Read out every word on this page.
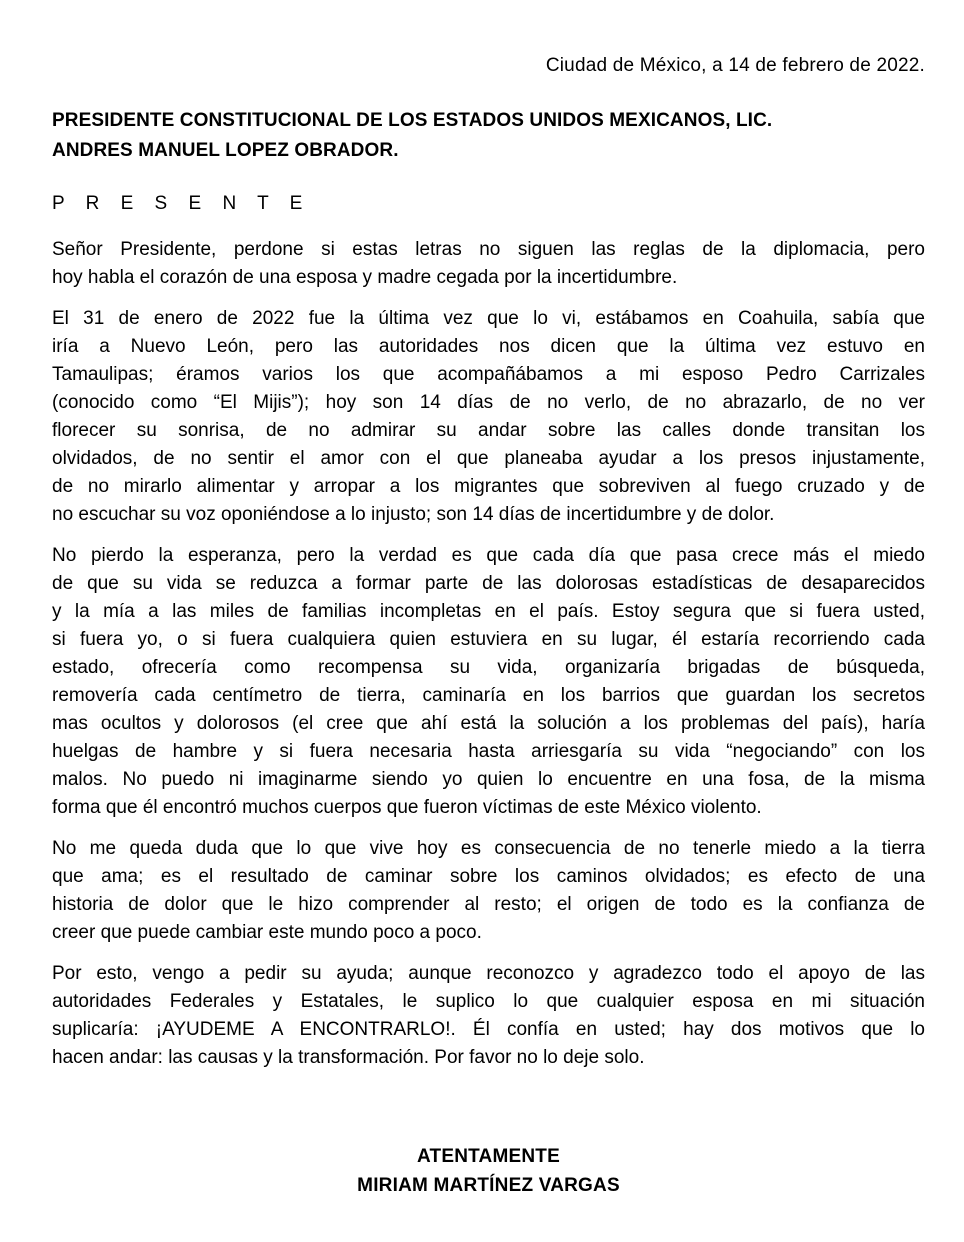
Ciudad de México, a 14 de febrero de 2022.
PRESIDENTE CONSTITUCIONAL DE LOS ESTADOS UNIDOS MEXICANOS, LIC.
ANDRES MANUEL LOPEZ OBRADOR.
P R E S E N T E
Señor Presidente, perdone si estas letras no siguen las reglas de la diplomacia, pero
hoy habla el corazón de una esposa y madre cegada por la incertidumbre.
El 31 de enero de 2022 fue la última vez que lo vi, estábamos en Coahuila, sabía que
iría a Nuevo León, pero las autoridades nos dicen que la última vez estuvo en
Tamaulipas; éramos varios los que acompañábamos a mi esposo Pedro Carrizales
(conocido como “El Mijis”); hoy son 14 días de no verlo, de no abrazarlo, de no ver
florecer su sonrisa, de no admirar su andar sobre las calles donde transitan los
olvidados, de no sentir el amor con el que planeaba ayudar a los presos injustamente,
de no mirarlo alimentar y arropar a los migrantes que sobreviven al fuego cruzado y de
no escuchar su voz oponiéndose a lo injusto; son 14 días de incertidumbre y de dolor.
No pierdo la esperanza, pero la verdad es que cada día que pasa crece más el miedo
de que su vida se reduzca a formar parte de las dolorosas estadísticas de desaparecidos
y la mía a las miles de familias incompletas en el país. Estoy segura que si fuera usted,
si fuera yo, o si fuera cualquiera quien estuviera en su lugar, él estaría recorriendo cada
estado, ofrecería como recompensa su vida, organizaría brigadas de búsqueda,
removería cada centímetro de tierra, caminaría en los barrios que guardan los secretos
mas ocultos y dolorosos (el cree que ahí está la solución a los problemas del país), haría
huelgas de hambre y si fuera necesaria hasta arriesgaría su vida “negociando” con los
malos. No puedo ni imaginarme siendo yo quien lo encuentre en una fosa, de la misma
forma que él encontró muchos cuerpos que fueron víctimas de este México violento.
No me queda duda que lo que vive hoy es consecuencia de no tenerle miedo a la tierra
que ama; es el resultado de caminar sobre los caminos olvidados; es efecto de una
historia de dolor que le hizo comprender al resto; el origen de todo es la confianza de
creer que puede cambiar este mundo poco a poco.
Por esto, vengo a pedir su ayuda; aunque reconozco y agradezco todo el apoyo de las
autoridades Federales y Estatales, le suplico lo que cualquier esposa en mi situación
suplicaría: ¡AYUDEME A ENCONTRARLO!. Él confía en usted; hay dos motivos que lo
hacen andar: las causas y la transformación. Por favor no lo deje solo.
ATENTAMENTE
MIRIAM MARTÍNEZ VARGAS
